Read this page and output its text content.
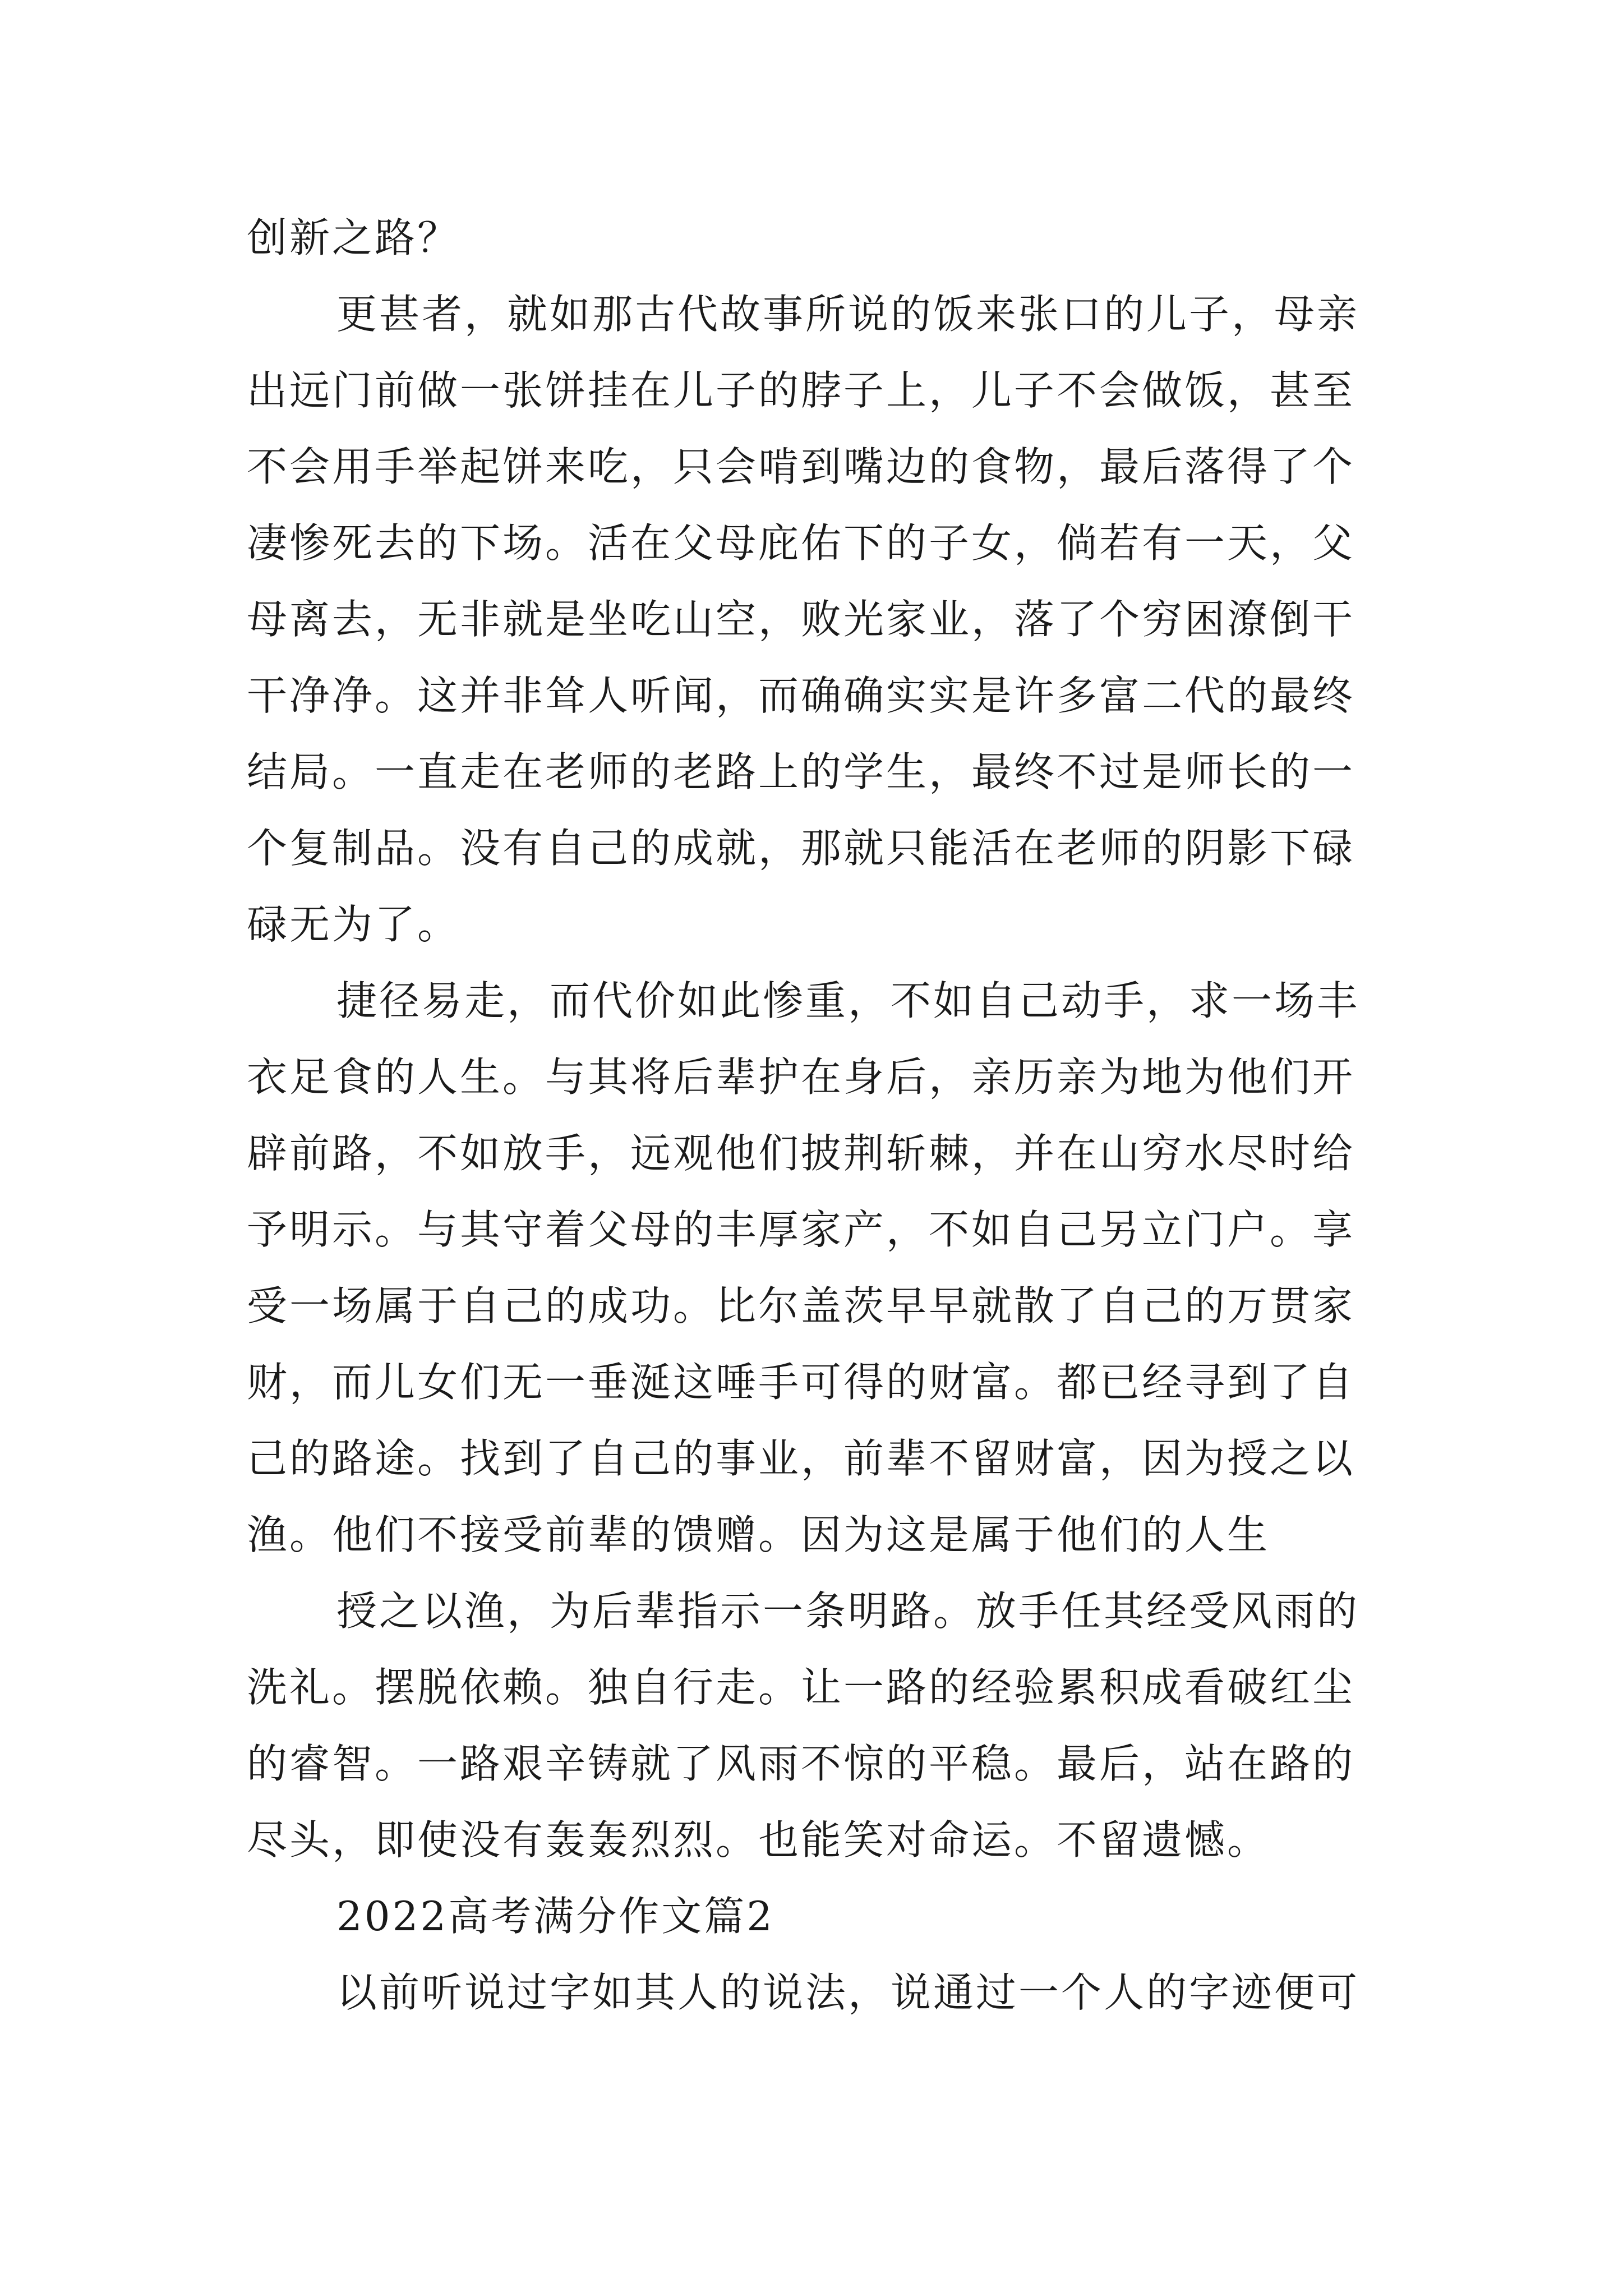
创新之路？
更甚者，就如那古代故事所说的饭来张口的儿子，母亲
出远门前做一张饼挂在儿子的脖子上，儿子不会做饭，甚至
不会用手举起饼来吃，只会啃到嘴边的食物，最后落得了个
凄惨死去的下场。活在父母庇佑下的子女，倘若有一天，父
母离去，无非就是坐吃山空，败光家业，落了个穷困潦倒干
干净净。这并非耸人听闻，而确确实实是许多富二代的最终
结局。一直走在老师的老路上的学生，最终不过是师长的一
个复制品。没有自己的成就，那就只能活在老师的阴影下碌
碌无为了。
捷径易走，而代价如此惨重，不如自己动手，求一场丰
衣足食的人生。与其将后辈护在身后，亲历亲为地为他们开
辟前路，不如放手，远观他们披荆斩棘，并在山穷水尽时给
予明示。与其守着父母的丰厚家产，不如自己另立门户。享
受一场属于自己的成功。比尔盖茨早早就散了自己的万贯家
财，而儿女们无一垂涎这唾手可得的财富。都已经寻到了自
己的路途。找到了自己的事业，前辈不留财富，因为授之以
渔。他们不接受前辈的馈赠。因为这是属于他们的人生
授之以渔，为后辈指示一条明路。放手任其经受风雨的
洗礼。摆脱依赖。独自行走。让一路的经验累积成看破红尘
的睿智。一路艰辛铸就了风雨不惊的平稳。最后，站在路的
尽头，即使没有轰轰烈烈。也能笑对命运。不留遗憾。
2022高考满分作文篇2
以前听说过字如其人的说法，说通过一个人的字迹便可
